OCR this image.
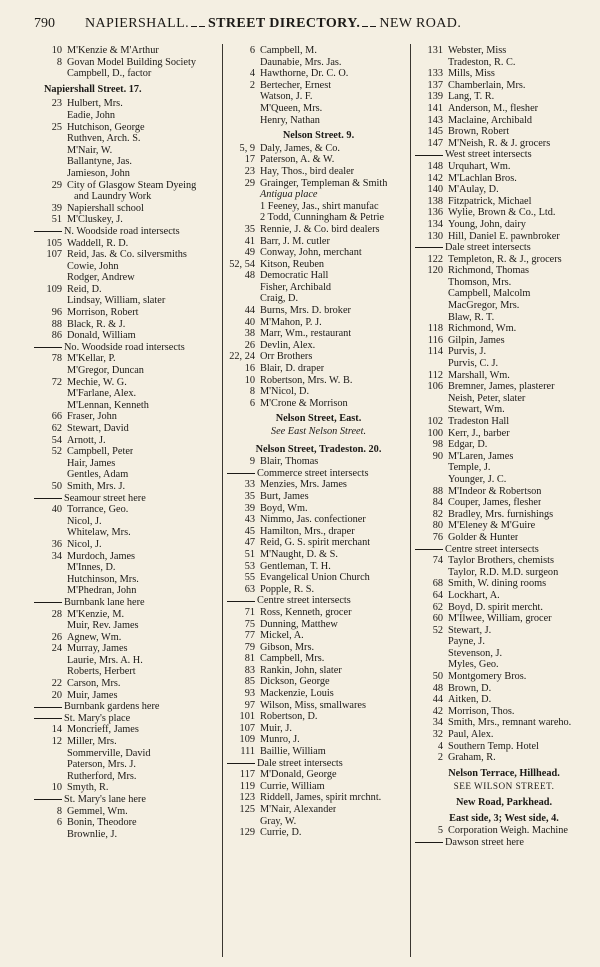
790 NAPIERSHALL. STREET DIRECTORY. NEW ROAD.
10 M'Kenzie & M'Arthur
8 Govan Model Building Society
Campbell, D., factor
Napiershall Street. 17.
23 Hulbert, Mrs.
Eadie, John
25 Hutchison, George
Ruthven, Arch. S.
M'Nair, W.
Ballantyne, Jas.
Jamieson, John
29 City of Glasgow Steam Dyeing
and Laundry Work
39 Napiershall school
51 M'Cluskey, J.
N. Woodside road intersects
105 Waddell, R. D.
107 Reid, Jas. & Co. silversmiths
Cowie, John
Rodger, Andrew
109 Reid, D.
Lindsay, William, slater
96 Morrison, Robert
88 Black, R. & J.
86 Donald, William
No. Woodside road intersects
78 M'Kellar, P.
M'Gregor, Duncan
72 Mechie, W. G.
M'Farlane, Alex.
M'Lennan, Kenneth
66 Fraser, John
62 Stewart, David
54 Arnott, J.
52 Campbell, Peter
Hair, James
Gentles, Adam
50 Smith, Mrs. J.
Seamour street here
40 Torrance, Geo.
Nicol, J.
Whitelaw, Mrs.
36 Nicol, J.
34 Murdoch, James
M'Innes, D.
Hutchinson, Mrs.
M'Phedran, John
Burnbank lane here
28 M'Kenzie, M.
Muir, Rev. James
26 Agnew, Wm.
24 Murray, James
Laurie, Mrs. A. H.
Roberts, Herbert
22 Carson, Mrs.
20 Muir, James
Burnbank gardens here
St. Mary's place
14 Moncrieff, James
12 Miller, Mrs.
Sommerville, David
Paterson, Mrs. J.
Rutherford, Mrs.
10 Smyth, R.
St. Mary's lane here
8 Gemmel, Wm.
6 Bonin, Theodore
Brownlie, J.
6 Campbell, M.
Daunabie, Mrs. Jas.
4 Hawthorne, Dr. C. O.
2 Bertecher, Ernest
Watson, J. F.
M'Queen, Mrs.
Henry, Nathan
Nelson Street. 9.
5, 9 Daly, James, & Co.
17 Paterson, A. & W.
23 Hay, Thos., bird dealer
29 Grainger, Templeman & Smith
Antigua place
1 Feeney, Jas., shirt manufac
2 Todd, Cunningham & Petrie
35 Rennie, J. & Co. bird dealers
41 Barr, J. M. cutler
49 Conway, John, merchant
52, 54 Kitson, Reuben
48 Democratic Hall
Fisher, Archibald
Craig, D.
44 Burns, Mrs. D. broker
40 M'Mahon, P. J.
38 Marr, Wm., restaurant
26 Devlin, Alex.
22, 24 Orr Brothers
16 Blair, D. draper
10 Robertson, Mrs. W. B.
8 M'Nicol, D.
6 M'Crone & Morrison
Nelson Street, East.
See East Nelson Street.
Nelson Street, Tradeston. 20.
9 Blair, Thomas
Commerce street intersects
33 Menzies, Mrs. James
35 Burt, James
39 Boyd, Wm.
43 Nimmo, Jas. confectioner
45 Hamilton, Mrs., draper
47 Reid, G. S. spirit merchant
51 M'Naught, D. & S.
53 Gentleman, T. H.
55 Evangelical Union Church
63 Popple, R. S.
Centre street intersects
71 Ross, Kenneth, grocer
75 Dunning, Matthew
77 Mickel, A.
79 Gibson, Mrs.
81 Campbell, Mrs.
83 Rankin, John, slater
85 Dickson, George
93 Mackenzie, Louis
97 Wilson, Miss, smallwares
101 Robertson, D.
107 Muir, J.
109 Munro, J.
111 Baillie, William
Dale street intersects
117 M'Donald, George
119 Currie, William
123 Riddell, James, spirit mrchnt.
125 M'Nair, Alexander
Gray, W.
129 Currie, D.
131 Webster, Miss
Tradeston, R. C.
133 Mills, Miss
137 Chamberlain, Mrs.
139 Lang, T. R.
141 Anderson, M., flesher
143 Maclaine, Archibald
145 Brown, Robert
147 M'Neish, R. & J. grocers
West street intersects
148 Urquhart, Wm.
142 M'Lachlan Bros.
140 M'Aulay, D.
138 Fitzpatrick, Michael
136 Wylie, Brown & Co., Ltd.
134 Young, John, dairy
130 Hill, Daniel E. pawnbroker
Dale street intersects
122 Templeton, R. & J., grocers
120 Richmond, Thomas
Thomson, Mrs.
Campbell, Malcolm
MacGregor, Mrs.
Blaw, R. T.
118 Richmond, Wm.
116 Gilpin, James
114 Purvis, J.
Purvis, C. J.
112 Marshall, Wm.
106 Bremner, James, plasterer
Neish, Peter, slater
Stewart, Wm.
102 Tradeston Hall
100 Kerr, J., barber
98 Edgar, D.
90 M'Laren, James
Temple, J.
Younger, J. C.
88 M'Indeor & Robertson
84 Couper, James, flesher
82 Bradley, Mrs. furnishings
80 M'Eleney & M'Guire
76 Golder & Hunter
Centre street intersects
74 Taylor Brothers, chemists
Taylor, R.D. M.D. surgeon
68 Smith, W. dining rooms
64 Lockhart, A.
62 Boyd, D. spirit mercht.
60 M'Ilwee, William, grocer
52 Stewart, J.
Payne, J.
Stevenson, J.
Myles, Geo.
50 Montgomery Bros.
48 Brown, D.
44 Aitken, D.
42 Morrison, Thos.
34 Smith, Mrs., remnant wareho.
32 Paul, Alex.
4 Southern Temp. Hotel
2 Graham, R.
Nelson Terrace, Hillhead.
SEE WILSON STREET.
New Road, Parkhead.
East side, 3; West side, 4.
5 Corporation Weigh. Machine
Dawson street here
